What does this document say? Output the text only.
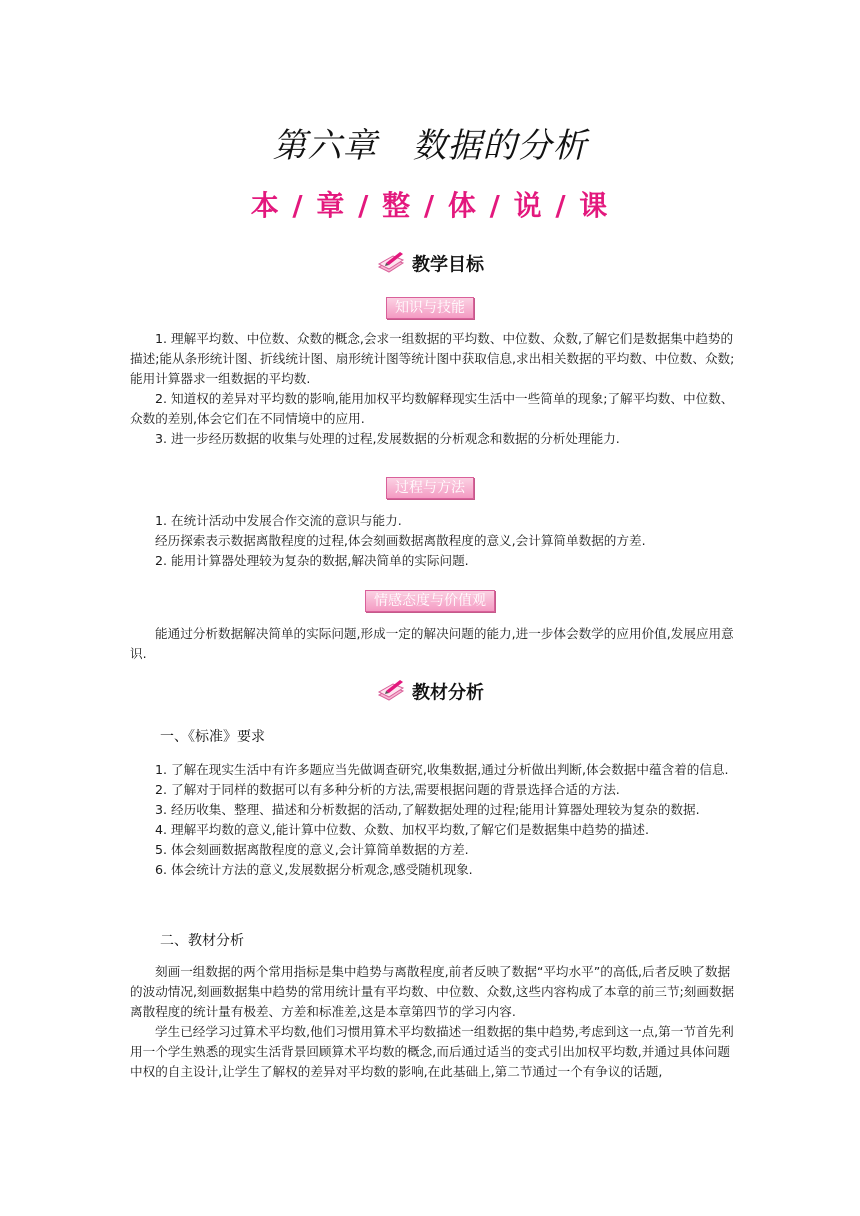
第六章　数据的分析
本 / 章 / 整 / 体 / 说 / 课
教学目标
知识与技能
1. 理解平均数、中位数、众数的概念,会求一组数据的平均数、中位数、众数,了解它们是数据集中趋势的描述;能从条形统计图、折线统计图、扇形统计图等统计图中获取信息,求出相关数据的平均数、中位数、众数;能用计算器求一组数据的平均数.
2. 知道权的差异对平均数的影响,能用加权平均数解释现实生活中一些简单的现象;了解平均数、中位数、众数的差别,体会它们在不同情境中的应用.
3. 进一步经历数据的收集与处理的过程,发展数据的分析观念和数据的分析处理能力.
过程与方法
1. 在统计活动中发展合作交流的意识与能力.
经历探索表示数据离散程度的过程,体会刻画数据离散程度的意义,会计算简单数据的方差.
2. 能用计算器处理较为复杂的数据,解决简单的实际问题.
情感态度与价值观
能通过分析数据解决简单的实际问题,形成一定的解决问题的能力,进一步体会数学的应用价值,发展应用意识.
教材分析
一、《标准》要求
1. 了解在现实生活中有许多题应当先做调查研究,收集数据,通过分析做出判断,体会数据中蕴含着的信息.
2. 了解对于同样的数据可以有多种分析的方法,需要根据问题的背景选择合适的方法.
3. 经历收集、整理、描述和分析数据的活动,了解数据处理的过程;能用计算器处理较为复杂的数据.
4. 理解平均数的意义,能计算中位数、众数、加权平均数,了解它们是数据集中趋势的描述.
5. 体会刻画数据离散程度的意义,会计算简单数据的方差.
6. 体会统计方法的意义,发展数据分析观念,感受随机现象.
二、教材分析
刻画一组数据的两个常用指标是集中趋势与离散程度,前者反映了数据“平均水平”的高低,后者反映了数据的波动情况,刻画数据集中趋势的常用统计量有平均数、中位数、众数,这些内容构成了本章的前三节;刻画数据离散程度的统计量有极差、方差和标准差,这是本章第四节的学习内容.
学生已经学习过算术平均数,他们习惯用算术平均数描述一组数据的集中趋势,考虑到这一点,第一节首先利用一个学生熟悉的现实生活背景回顾算术平均数的概念,而后通过适当的变式引出加权平均数,并通过具体问题中权的自主设计,让学生了解权的差异对平均数的影响,在此基础上,第二节通过一个有争议的话题,
